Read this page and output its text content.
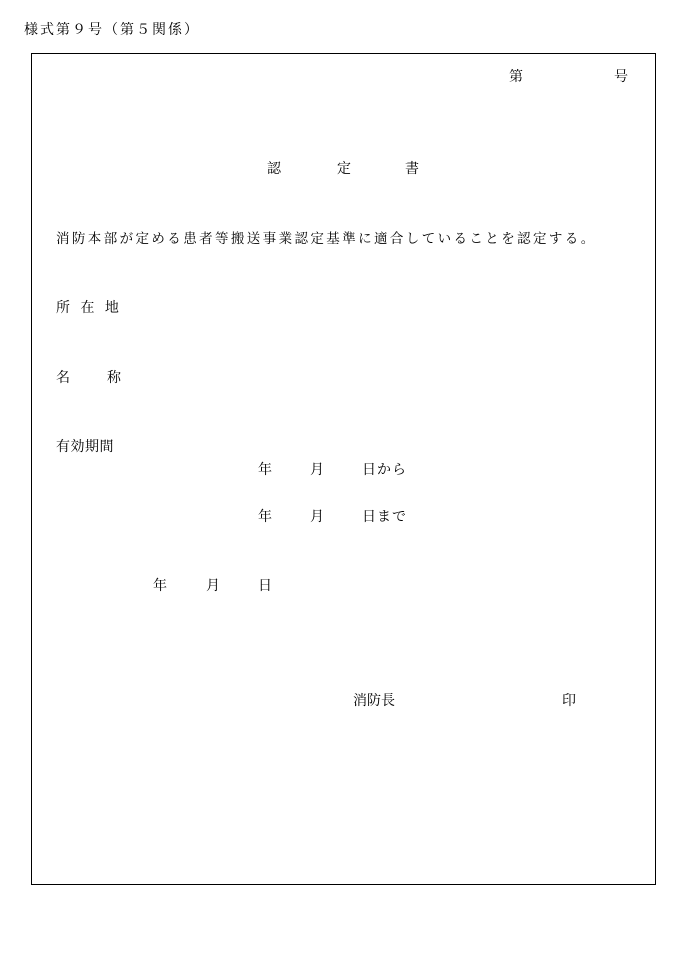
様式第９号（第５関係）
第	号
認	定	書
消防本部が定める患者等搬送事業認定基準に適合していることを認定する。
所 在 地
名　　称
有効期間
年	月	日から
年	月	日まで
年	月	日
消防長	印
